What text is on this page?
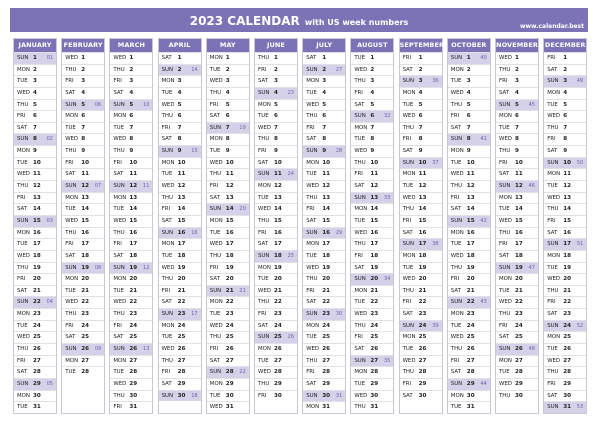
2023 CALENDAR with US week numbers	www.calendar.best
JANUARY
SUN 1 01
MON 2
TUE 3
WED 4
THU 5
FRI 6
SAT 7
SUN 8 02
MON 9
TUE 10
WED 11
THU 12
FRI 13
SAT 14
SUN 15 03
MON 16
TUE 17
WED 18
THU 19
FRI 20
SAT 21
SUN 22 04
MON 23
TUE 24
WED 25
THU 26
FRI 27
SAT 28
SUN 29 05
MON 30
TUE 31
FEBRUARY
WED 1
THU 2
FRI 3
SAT 4
SUN 5 06
MON 6
TUE 7
WED 8
THU 9
FRI 10
SAT 11
SUN 12 07
MON 13
TUE 14
WED 15
THU 16
FRI 17
SAT 18
SUN 19 08
MON 20
TUE 21
WED 22
THU 23
FRI 24
SAT 25
SUN 26 09
MON 27
TUE 28
MARCH
WED 1
THU 2
FRI 3
SAT 4
SUN 5 10
MON 6
TUE 7
WED 8
THU 9
FRI 10
SAT 11
SUN 12 11
MON 13
TUE 14
WED 15
THU 16
FRI 17
SAT 18
SUN 19 12
MON 20
TUE 21
WED 22
THU 23
FRI 24
SAT 25
SUN 26 13
MON 27
TUE 28
WED 29
THU 30
FRI 31
APRIL
SAT 1
SUN 2 14
MON 3
TUE 4
WED 5
THU 6
FRI 7
SAT 8
SUN 9 15
MON 10
TUE 11
WED 12
THU 13
FRI 14
SAT 15
SUN 16 16
MON 17
TUE 18
WED 19
THU 20
FRI 21
SAT 22
SUN 23 17
MON 24
TUE 25
WED 26
THU 27
FRI 28
SAT 29
SUN 30 18
MAY
MON 1
TUE 2
WED 3
THU 4
FRI 5
SAT 6
SUN 7 19
MON 8
TUE 9
WED 10
THU 11
FRI 12
SAT 13
SUN 14 20
MON 15
TUE 16
WED 17
THU 18
FRI 19
SAT 20
SUN 21 21
MON 22
TUE 23
WED 24
THU 25
FRI 26
SAT 27
SUN 28 22
MON 29
TUE 30
WED 31
JUNE
THU 1
FRI 2
SAT 3
SUN 4 23
MON 5
TUE 6
WED 7
THU 8
FRI 9
SAT 10
SUN 11 24
MON 12
TUE 13
WED 14
THU 15
FRI 16
SAT 17
SUN 18 25
MON 19
TUE 20
WED 21
THU 22
FRI 23
SAT 24
SUN 25 26
MON 26
TUE 27
WED 28
THU 29
FRI 30
JULY
SAT 1
SUN 2 27
MON 3
TUE 4
WED 5
THU 6
FRI 7
SAT 8
SUN 9 28
MON 10
TUE 11
WED 12
THU 13
FRI 14
SAT 15
SUN 16 29
MON 17
TUE 18
WED 19
THU 20
FRI 21
SAT 22
SUN 23 30
MON 24
TUE 25
WED 26
THU 27
FRI 28
SAT 29
SUN 30 31
MON 31
AUGUST
TUE 1
WED 2
THU 3
FRI 4
SAT 5
SUN 6 32
MON 7
TUE 8
WED 9
THU 10
FRI 11
SAT 12
SUN 13 33
MON 14
TUE 15
WED 16
THU 17
FRI 18
SAT 19
SUN 20 34
MON 21
TUE 22
WED 23
THU 24
FRI 25
SAT 26
SUN 27 35
MON 28
TUE 29
WED 30
THU 31
SEPTEMBER
FRI 1
SAT 2
SUN 3 36
MON 4
TUE 5
WED 6
THU 7
FRI 8
SAT 9
SUN 10 37
MON 11
TUE 12
WED 13
THU 14
FRI 15
SAT 16
SUN 17 38
MON 18
TUE 19
WED 20
THU 21
FRI 22
SAT 23
SUN 24 39
MON 25
TUE 26
WED 27
THU 28
FRI 29
SAT 30
OCTOBER
SUN 1 40
MON 2
TUE 3
WED 4
THU 5
FRI 6
SAT 7
SUN 8 41
MON 9
TUE 10
WED 11
THU 12
FRI 13
SAT 14
SUN 15 42
MON 16
TUE 17
WED 18
THU 19
FRI 20
SAT 21
SUN 22 43
MON 23
TUE 24
WED 25
THU 26
FRI 27
SAT 28
SUN 29 44
MON 30
TUE 31
NOVEMBER
WED 1
THU 2
FRI 3
SAT 4
SUN 5 45
MON 6
TUE 7
WED 8
THU 9
FRI 10
SAT 11
SUN 12 46
MON 13
TUE 14
WED 15
THU 16
FRI 17
SAT 18
SUN 19 47
MON 20
TUE 21
WED 22
THU 23
FRI 24
SAT 25
SUN 26 48
MON 27
TUE 28
WED 29
THU 30
DECEMBER
FRI 1
SAT 2
SUN 3 49
MON 4
TUE 5
WED 6
THU 7
FRI 8
SAT 9
SUN 10 50
MON 11
TUE 12
WED 13
THU 14
FRI 15
SAT 16
SUN 17 51
MON 18
TUE 19
WED 20
THU 21
FRI 22
SAT 23
SUN 24 52
MON 25
TUE 26
WED 27
THU 28
FRI 29
SAT 30
SUN 31 53
